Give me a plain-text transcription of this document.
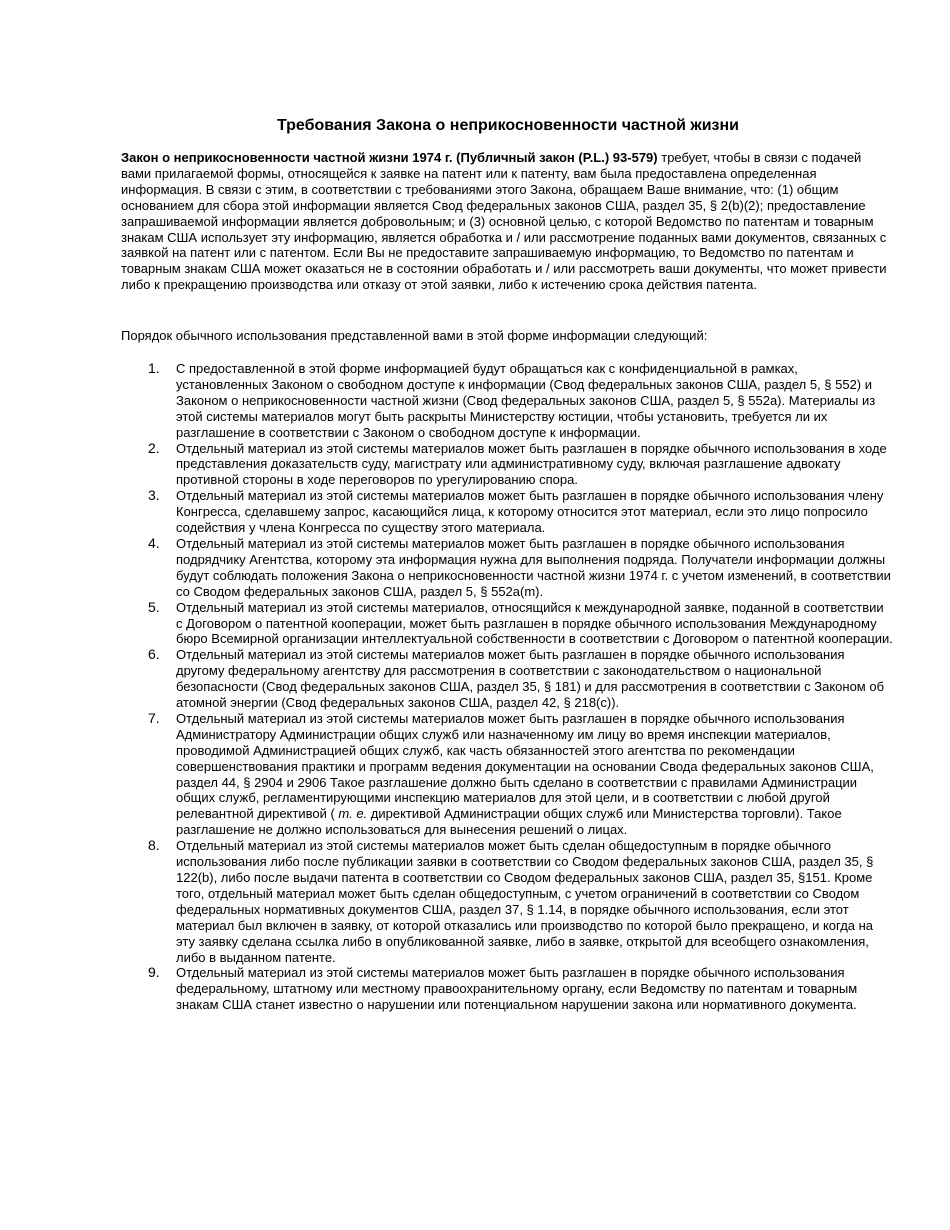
Требования Закона о неприкосновенности частной жизни

Закон о неприкосновенности частной жизни 1974 г. (Публичный закон (P.L.) 93-579) требует, чтобы в связи с подачей вами прилагаемой формы, относящейся к заявке на патент или к патенту, вам была предоставлена определенная информация. В связи с этим, в соответствии с требованиями этого Закона, обращаем Ваше внимание, что: (1) общим основанием для сбора этой информации является Свод федеральных законов США, раздел 35, § 2(b)(2); предоставление запрашиваемой информации является добровольным; и (3) основной целью, с которой Ведомство по патентам и товарным знакам США использует эту информацию, является обработка и / или рассмотрение поданных вами документов, связанных с заявкой на патент или с патентом. Если Вы не предоставите запрашиваемую информацию, то Ведомство по патентам и товарным знакам США может оказаться не в состоянии обработать и / или рассмотреть ваши документы, что может привести либо к прекращению производства или отказу от этой заявки, либо к истечению срока действия патента.

Порядок обычного использования представленной вами в этой форме информации следующий:

1.	С предоставленной в этой форме информацией будут обращаться как с конфиденциальной в рамках, установленных Законом о свободном доступе к информации (Свод федеральных законов США, раздел 5, § 552) и Законом о неприкосновенности частной жизни (Свод федеральных законов США, раздел 5, § 552a). Материалы из этой системы материалов могут быть раскрыты Министерству юстиции, чтобы установить, требуется ли их разглашение в соответствии с Законом о свободном доступе к информации.
2.	Отдельный материал из этой системы материалов может быть разглашен в порядке обычного использования в ходе представления доказательств суду, магистрату или административному суду, включая разглашение адвокату противной стороны в ходе переговоров по урегулированию спора.
3.	Отдельный материал из этой системы материалов может быть разглашен в порядке обычного использования члену Конгресса, сделавшему запрос, касающийся лица, к которому относится этот материал, если это лицо попросило содействия у члена Конгресса по существу этого материала.
4.	Отдельный материал из этой системы материалов может быть разглашен в порядке обычного использования подрядчику Агентства, которому эта информация нужна для выполнения подряда. Получатели информации должны будут соблюдать положения Закона о неприкосновенности частной жизни 1974 г. с учетом изменений, в соответствии со Сводом федеральных законов США, раздел 5, § 552a(m).
5.	Отдельный материал из этой системы материалов, относящийся к международной заявке, поданной в соответствии с Договором о патентной кооперации, может быть разглашен в порядке обычного использования Международному бюро Всемирной организации интеллектуальной собственности в соответствии с Договором о патентной кооперации.
6.	Отдельный материал из этой системы материалов может быть разглашен в порядке обычного использования другому федеральному агентству для рассмотрения в соответствии с законодательством о национальной безопасности (Свод федеральных законов США, раздел 35, § 181) и для рассмотрения в соответствии с Законом об атомной энергии (Свод федеральных законов США, раздел 42, § 218(c)).
7.	Отдельный материал из этой системы материалов может быть разглашен в порядке обычного использования Администратору Администрации общих служб или назначенному им лицу во время инспекции материалов, проводимой Администрацией общих служб, как часть обязанностей этого агентства по рекомендации совершенствования практики и программ ведения документации на основании Свода федеральных законов США, раздел 44, § 2904 и 2906 Такое разглашение должно быть сделано в соответствии с правилами Администрации общих служб, регламентирующими инспекцию материалов для этой цели, и в соответствии с любой другой релевантной директивой ( т. е. директивой Администрации общих служб или Министерства торговли). Такое разглашение не должно использоваться для вынесения решений о лицах.
8.	Отдельный материал из этой системы материалов может быть сделан общедоступным в порядке обычного использования либо после публикации заявки в соответствии со Сводом федеральных законов США, раздел 35, § 122(b), либо после выдачи патента в соответствии со Сводом федеральных законов США, раздел 35, §151. Кроме того, отдельный материал может быть сделан общедоступным, с учетом ограничений в соответствии со Сводом федеральных нормативных документов США, раздел 37, § 1.14, в порядке обычного использования, если этот материал был включен в заявку, от которой отказались или производство по которой было прекращено, и когда на эту заявку сделана ссылка либо в опубликованной заявке, либо в заявке, открытой для всеобщего ознакомления, либо в выданном патенте.
9.	Отдельный материал из этой системы материалов может быть разглашен в порядке обычного использования федеральному, штатному или местному правоохранительному органу, если Ведомству по патентам и товарным знакам США станет известно о нарушении или потенциальном нарушении закона или нормативного документа.
